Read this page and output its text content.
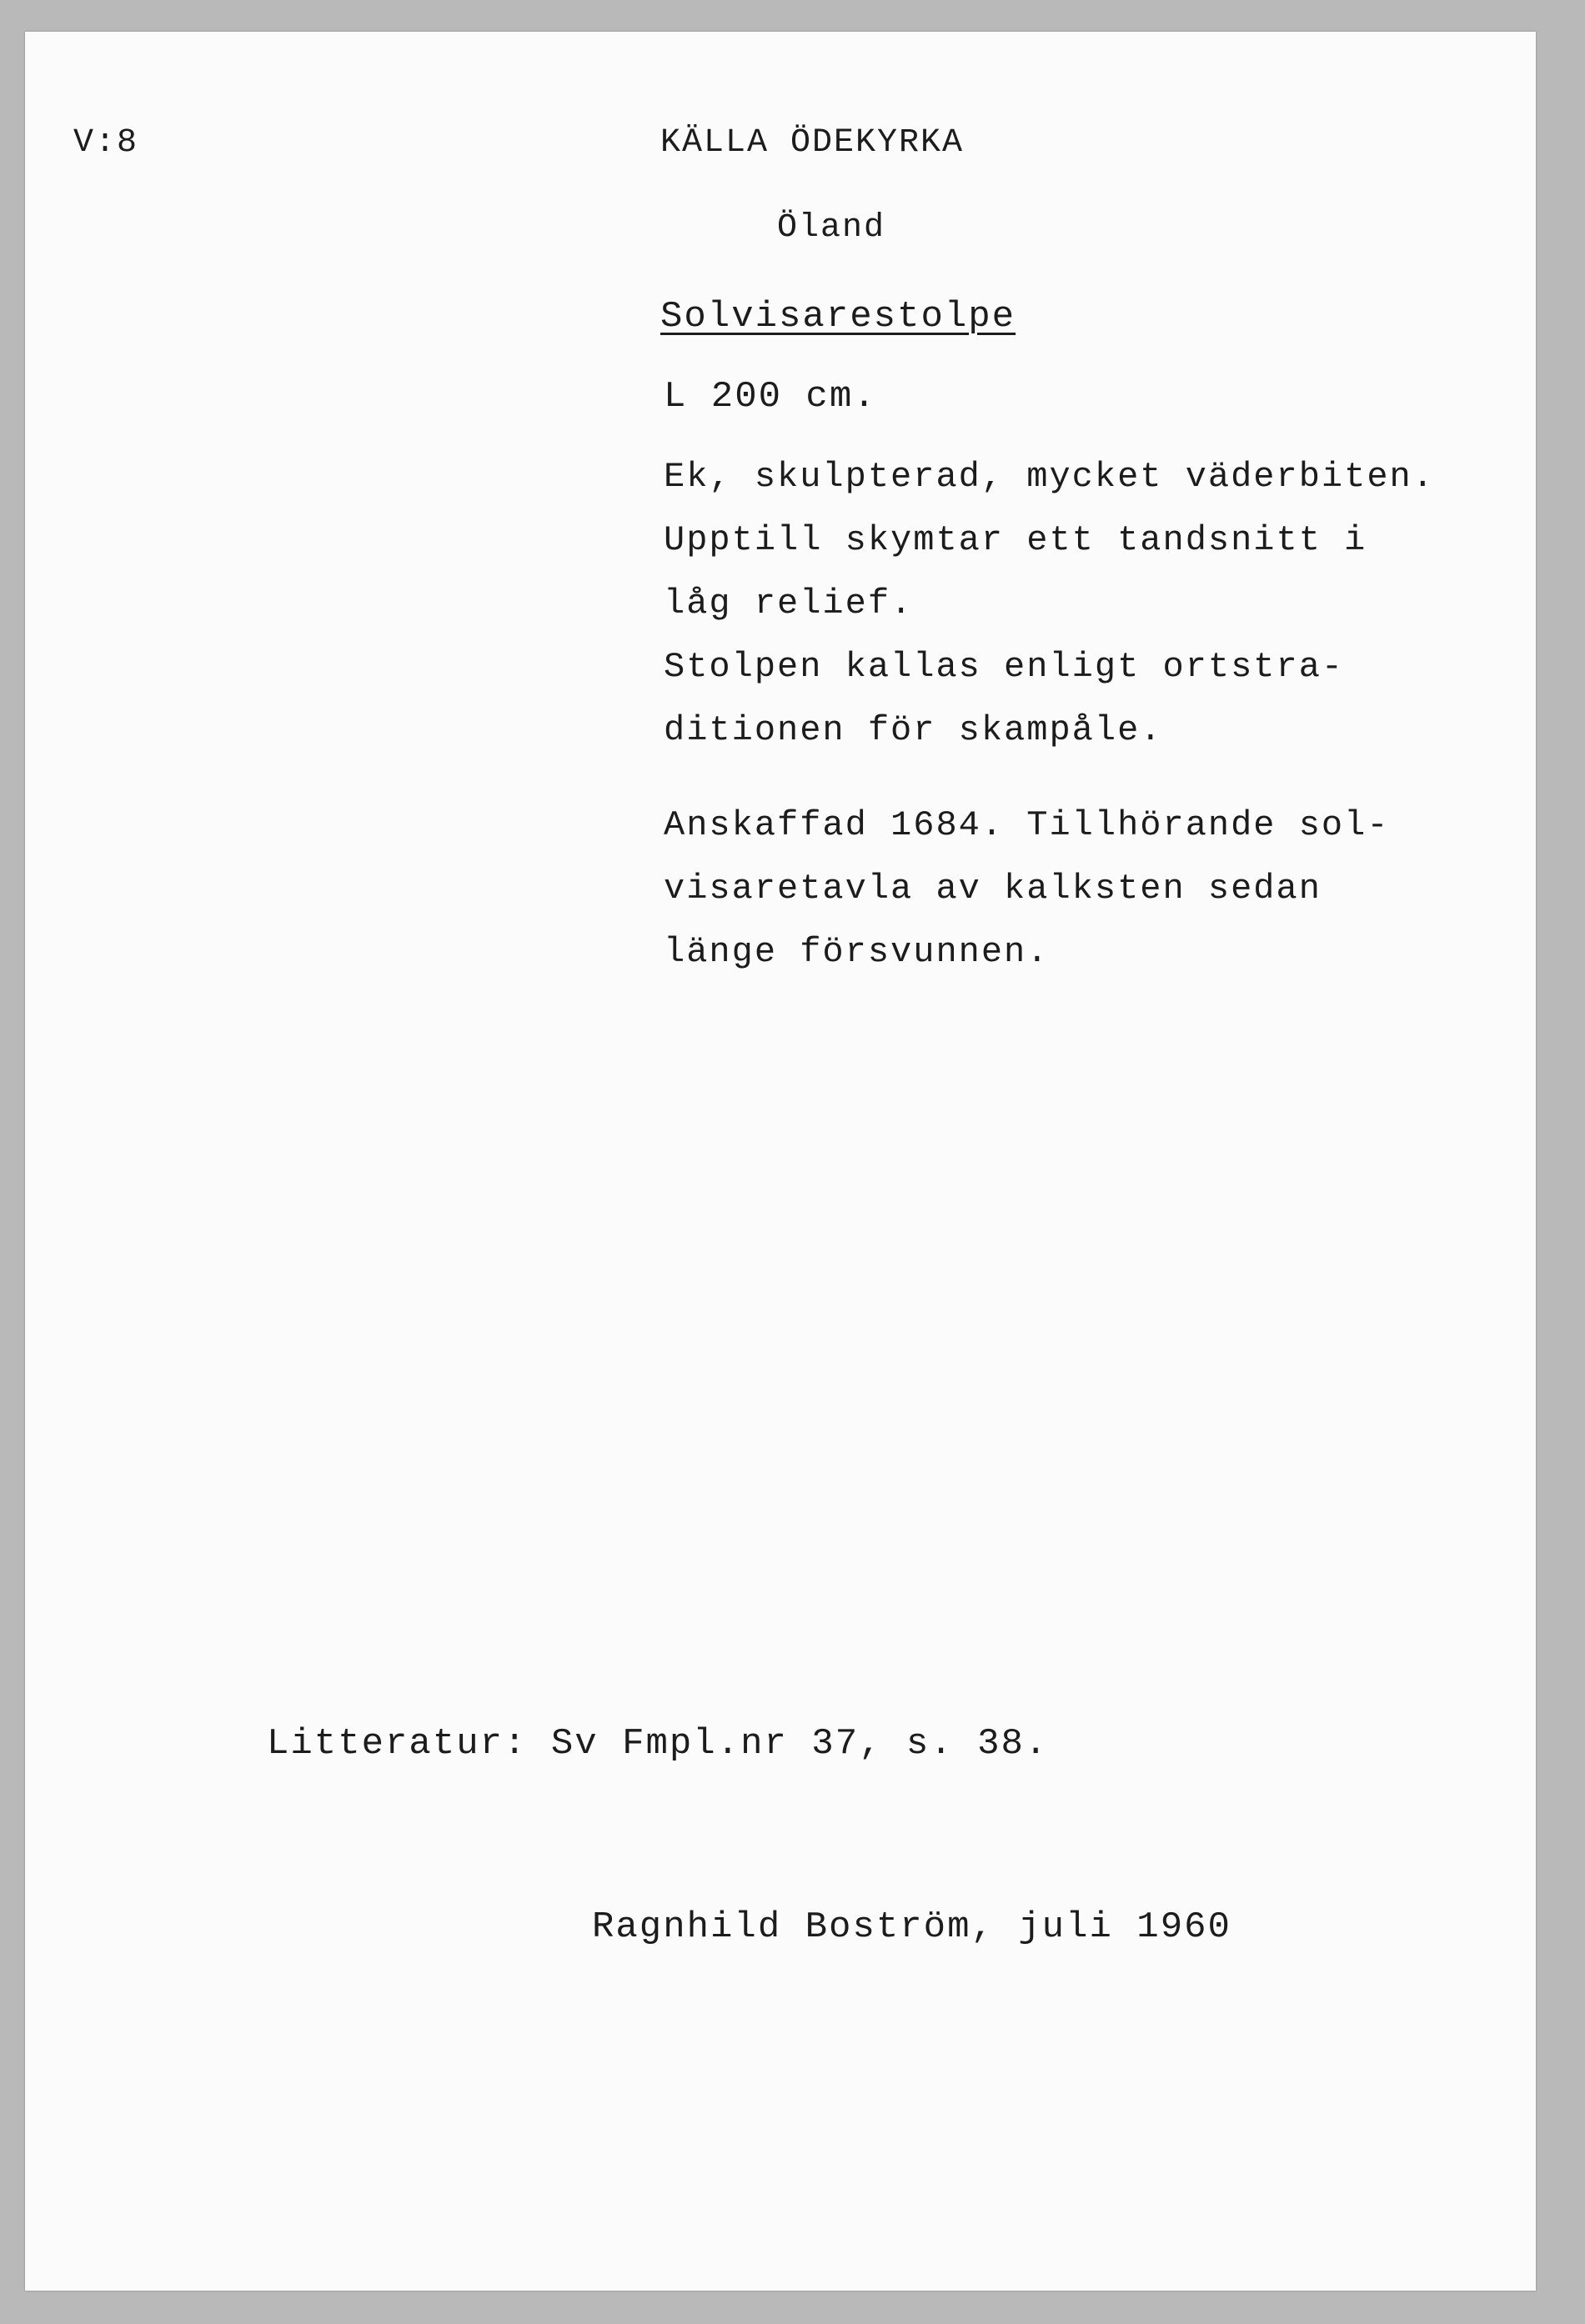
V:8	KÄLLA ÖDEKYRKA

Öland

Solvisarestolpe

L 200 cm.

Ek, skulpterad, mycket väderbiten.
Upptill skymtar ett tandsnitt i
låg relief.
Stolpen kallas enligt ortstra-
ditionen för skampåle.
Anskaffad 1684. Tillhörande sol-
visaretavla av kalksten sedan
länge försvunnen.

Litteratur: Sv Fmpl.nr 37, s. 38.

Ragnhild Boström, juli 1960
